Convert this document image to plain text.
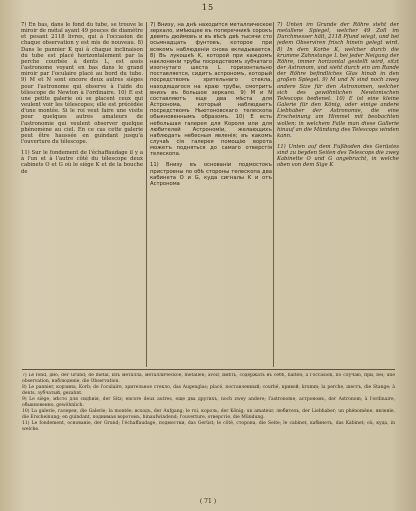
15

7) En bas, dans le fond du tube, se trouve le miroir de métal ayant 49 pouces de diamètre et pesant 2118 livres, qui à l'occasion de chaque observation y est mis de nouveau. 8) Dans le pannier K qui à chaque inclinaison du tube est placé horizontalement par la perche courbée à dents L, est assis l'astronome voyant en bas dans le grand miroir par l'oculaire placé au bord du tube. 9) M et N sont encore deux autres sièges pour l'astronome qui observe à l'aide du télescope de Newton à l'ordinaire. 10) E est une petite galerie où se placent ceux qui veulent voir les télescopes; elle est précédée d'une montée. Si le roi veut faire une visite pour quelques autres amateurs de l'astronomie qui veulent observer quelque phénomène au ciel. En ce cas cette galerie peut être haussée en guindant jusqu'à l'ouverture du télescope.

11) Sur le fondement de l'échaffaudage il y a à l'un et à l'autre côté du télescope deux cabinets O et G où le siége K et de la bouche de

7) Внизу, на днѣ находится металлическое зеркало, имѣющее въ поперечникѣ сорокъ девять дюймовъ и въ вѣсѣ двѣ тысячи сто осьмнадцать фунтовъ, которое при всякомъ наблюденіи снова вкладывается. 8) Въ лукошкѣ K, которой при каждомъ наклоненіи трубы посредствомъ зубчатаго изогнутаго шеста L горизонтально поставляется, сидитъ астрономъ, который посредствомъ зрительнаго стекла, находящагося на краю трубы, смотритъ внизъ въ большое зеркало. 9) M и N составляютъ еще два мѣста для Астронома, который наблюдаетъ посредствомъ Ньютоновскаго телескопа обыкновеннымъ образомъ. 10) E есть небольшая галерея для Короля или для любителей Астрономіи, желающихъ наблюдать небесныя явленія; въ какомъ случаѣ сія галерея помощію ворота можетъ подняться до самаго отверстія телескопа.

11) Внизу въ основаніи подмостокъ пристроены по обѣ стороны телескопа два кабинета O и G, куда сигналы K и отъ Астронома

7) Unten im Grunde der Röhre steht der metallene Spiegel, welcher 49 Zoll im Durchmesser hält, 2118 Pfund wiegt, und bei jedem Observiren frisch hinein gelegt wird. 8) In dem Korbe K, welcher durch die krumme Zahnstange L bei jeder Neigung der Röhre, immer horizontal gestellt wird, sitzt der Astronom, und sieht durch ein am Rande der Röhre befindliches Glas hinab in den großen Spiegel. 9) M und N sind noch zwey andere Size für den Astronomen, welcher sich des gewöhnlichen Newtonischen Telescops bedienet. 10) E ist eine kleine Galerie für den König, oder einige andere Liebhaber der Astronomie, die eine Erscheinung am Himmel mit beobachten wollen; in welchem Falle man diese Gallerie hinauf an die Mündung des Telescops winden kann.

11) Unten auf dem Fußboden des Gerüstes sind zu beyden Seiten des Telescops die zwey Kabinette O und G angebracht, in welche oben von dem Sige K

7) Le fond, дно, der Grund; de métal, изъ металла, металлическое, metallen; avoir, имѣть, содержать въ себѣ, halten; à l'occasion, по случаю, при, bei; une observation, наблюденіе, die Observation.

8) Le pannier, корзина, Korb; de l'oculaire, зрительное стекло, das Augenglas; placé, поставленный; courbé, кривой, krumm; la perche, шестъ, die Stange; à dents, зубчатый, gezahnt.

9) Le siège, мѣсто для сидѣнія, der Sitz; encore deux autres, еще два другихъ, noch zwey andere; l'astronome, астрономъ, der Astronom; à l'ordinaire, обыкновенно, gewöhnlich.

10) La galerie, галерея, die Galerie; la montée, всходъ, der Aufgang; le roi, король, der König; un amateur, любитель, der Liebhaber; un phénomène, явленіе, die Erscheinung; en guindant, поднимая воротомъ, hinaufwindend; l'ouverture, отверстіе, die Mündung.

11) Le fondement, основаніе, der Grund; l'échaffaudage, подмостки, das Gerüst; le côté, сторона, die Seite; le cabinet, кабинетъ, das Kabinet; où, куда, in welche.

( 71 )
